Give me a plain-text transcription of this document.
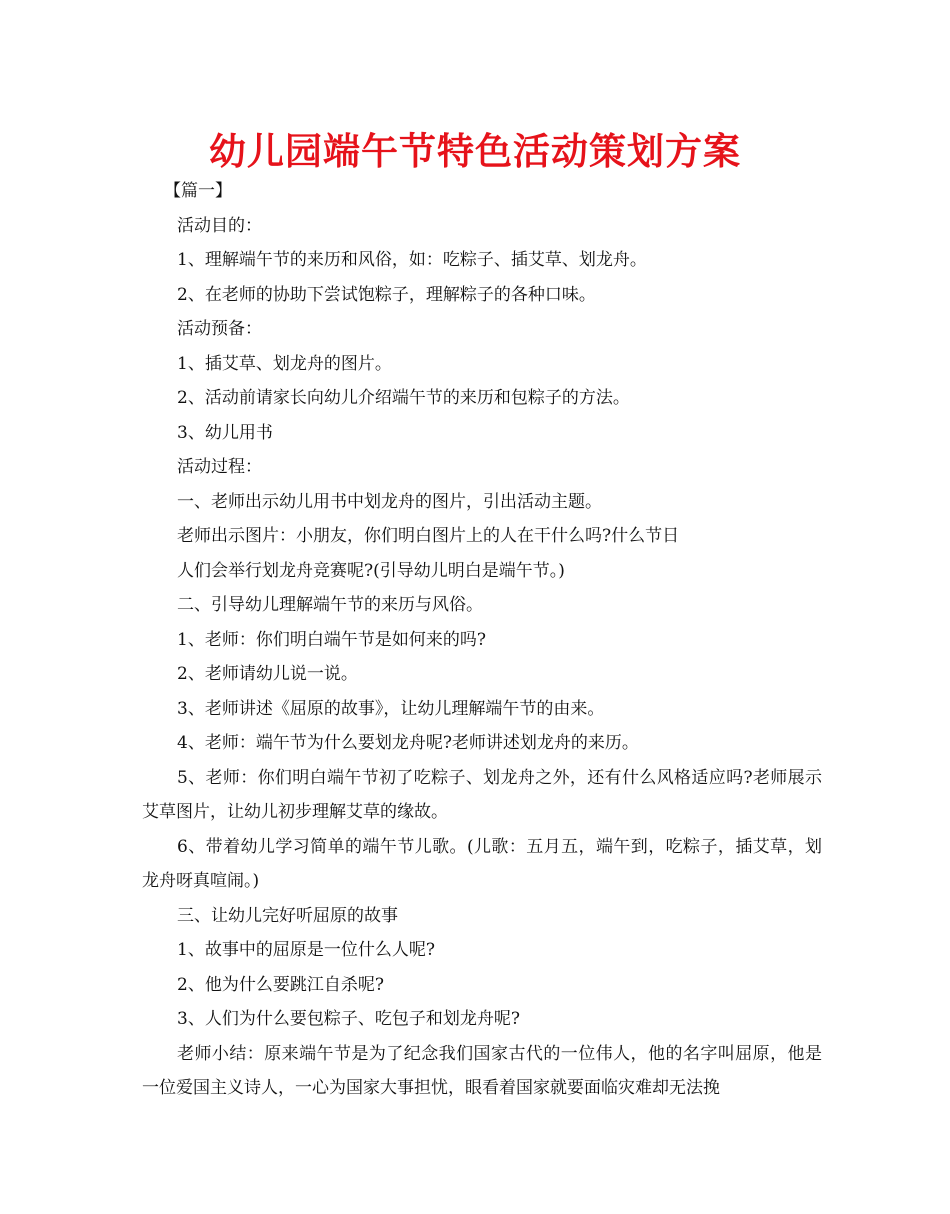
幼儿园端午节特色活动策划方案

【篇一】

活动目的：

1、理解端午节的来历和风俗，如：吃粽子、插艾草、划龙舟。

2、在老师的协助下尝试饱粽子，理解粽子的各种口味。

活动预备：

1、插艾草、划龙舟的图片。

2、活动前请家长向幼儿介绍端午节的来历和包粽子的方法。

3、幼儿用书

活动过程：

一、老师出示幼儿用书中划龙舟的图片，引出活动主题。

老师出示图片：小朋友，你们明白图片上的人在干什么吗?什么节日

人们会举行划龙舟竞赛呢?(引导幼儿明白是端午节。)

二、引导幼儿理解端午节的来历与风俗。

1、老师：你们明白端午节是如何来的吗?

2、老师请幼儿说一说。

3、老师讲述《屈原的故事》，让幼儿理解端午节的由来。

4、老师：端午节为什么要划龙舟呢?老师讲述划龙舟的来历。

5、老师：你们明白端午节初了吃粽子、划龙舟之外，还有什么风格适应吗?老师展示艾草图片，让幼儿初步理解艾草的缘故。

6、带着幼儿学习简单的端午节儿歌。(儿歌：五月五，端午到，吃粽子，插艾草，划龙舟呀真喧闹。)

三、让幼儿完好听屈原的故事

1、故事中的屈原是一位什么人呢?

2、他为什么要跳江自杀呢?

3、人们为什么要包粽子、吃包子和划龙舟呢?

老师小结：原来端午节是为了纪念我们国家古代的一位伟人，他的名字叫屈原，他是一位爱国主义诗人，一心为国家大事担忧，眼看着国家就要面临灾难却无法挽
